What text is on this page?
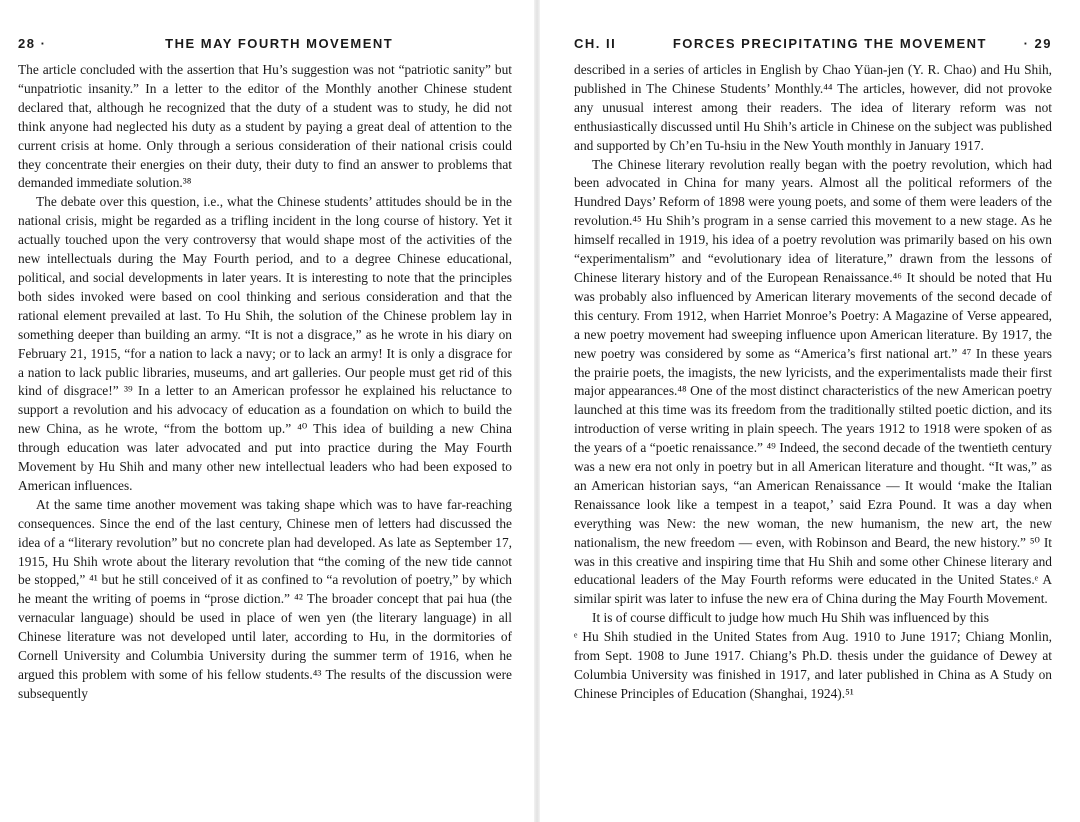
28 ·	THE MAY FOURTH MOVEMENT

The article concluded with the assertion that Hu’s suggestion was not “patriotic sanity” but “unpatriotic insanity.” In a letter to the editor of the Monthly another Chinese student declared that, although he recognized that the duty of a student was to study, he did not think anyone had neglected his duty as a student by paying a great deal of attention to the current crisis at home. Only through a serious consideration of their national crisis could they concentrate their energies on their duty, their duty to find an answer to problems that demanded immediate solution.³⁸

The debate over this question, i.e., what the Chinese students’ attitudes should be in the national crisis, might be regarded as a trifling incident in the long course of history. Yet it actually touched upon the very controversy that would shape most of the activities of the new intellectuals during the May Fourth period, and to a degree Chinese educational, political, and social developments in later years. It is interesting to note that the principles both sides invoked were based on cool thinking and serious consideration and that the rational element prevailed at last. To Hu Shih, the solution of the Chinese problem lay in something deeper than building an army. “It is not a disgrace,” as he wrote in his diary on February 21, 1915, “for a nation to lack a navy; or to lack an army! It is only a disgrace for a nation to lack public libraries, museums, and art galleries. Our people must get rid of this kind of disgrace!” ³⁹ In a letter to an American professor he explained his reluctance to support a revolution and his advocacy of education as a foundation on which to build the new China, as he wrote, “from the bottom up.” ⁴⁰ This idea of building a new China through education was later advocated and put into practice during the May Fourth Movement by Hu Shih and many other new intellectual leaders who had been exposed to American influences.

At the same time another movement was taking shape which was to have far-reaching consequences. Since the end of the last century, Chinese men of letters had discussed the idea of a “literary revolution” but no concrete plan had developed. As late as September 17, 1915, Hu Shih wrote about the literary revolution that “the coming of the new tide cannot be stopped,” ⁴¹ but he still conceived of it as confined to “a revolution of poetry,” by which he meant the writing of poems in “prose diction.” ⁴² The broader concept that pai hua (the vernacular language) should be used in place of wen yen (the literary language) in all Chinese literature was not developed until later, according to Hu, in the dormitories of Cornell University and Columbia University during the summer term of 1916, when he argued this problem with some of his fellow students.⁴³ The results of the discussion were subsequently

CH. II	FORCES PRECIPITATING THE MOVEMENT	· 29

described in a series of articles in English by Chao Yüan-jen (Y. R. Chao) and Hu Shih, published in The Chinese Students’ Monthly.⁴⁴ The articles, however, did not provoke any unusual interest among their readers. The idea of literary reform was not enthusiastically discussed until Hu Shih’s article in Chinese on the subject was published and supported by Ch’en Tu-hsiu in the New Youth monthly in January 1917.

The Chinese literary revolution really began with the poetry revolution, which had been advocated in China for many years. Almost all the political reformers of the Hundred Days’ Reform of 1898 were young poets, and some of them were leaders of the revolution.⁴⁵ Hu Shih’s program in a sense carried this movement to a new stage. As he himself recalled in 1919, his idea of a poetry revolution was primarily based on his own “experimentalism” and “evolutionary idea of literature,” drawn from the lessons of Chinese literary history and of the European Renaissance.⁴⁶ It should be noted that Hu was probably also influenced by American literary movements of the second decade of this century. From 1912, when Harriet Monroe’s Poetry: A Magazine of Verse appeared, a new poetry movement had sweeping influence upon American literature. By 1917, the new poetry was considered by some as “America’s first national art.” ⁴⁷ In these years the prairie poets, the imagists, the new lyricists, and the experimentalists made their first major appearances.⁴⁸ One of the most distinct characteristics of the new American poetry launched at this time was its freedom from the traditionally stilted poetic diction, and its introduction of verse writing in plain speech. The years 1912 to 1918 were spoken of as the years of a “poetic renaissance.” ⁴⁹ Indeed, the second decade of the twentieth century was a new era not only in poetry but in all American literature and thought. “It was,” as an American historian says, “an American Renaissance — It would ‘make the Italian Renaissance look like a tempest in a teapot,’ said Ezra Pound. It was a day when everything was New: the new woman, the new humanism, the new art, the new nationalism, the new freedom — even, with Robinson and Beard, the new history.” ⁵⁰ It was in this creative and inspiring time that Hu Shih and some other Chinese literary and educational leaders of the May Fourth reforms were educated in the United States.ᵉ A similar spirit was later to infuse the new era of China during the May Fourth Movement.

It is of course difficult to judge how much Hu Shih was influenced by this

ᵉ Hu Shih studied in the United States from Aug. 1910 to June 1917; Chiang Monlin, from Sept. 1908 to June 1917. Chiang’s Ph.D. thesis under the guidance of Dewey at Columbia University was finished in 1917, and later published in China as A Study on Chinese Principles of Education (Shanghai, 1924).⁵¹
